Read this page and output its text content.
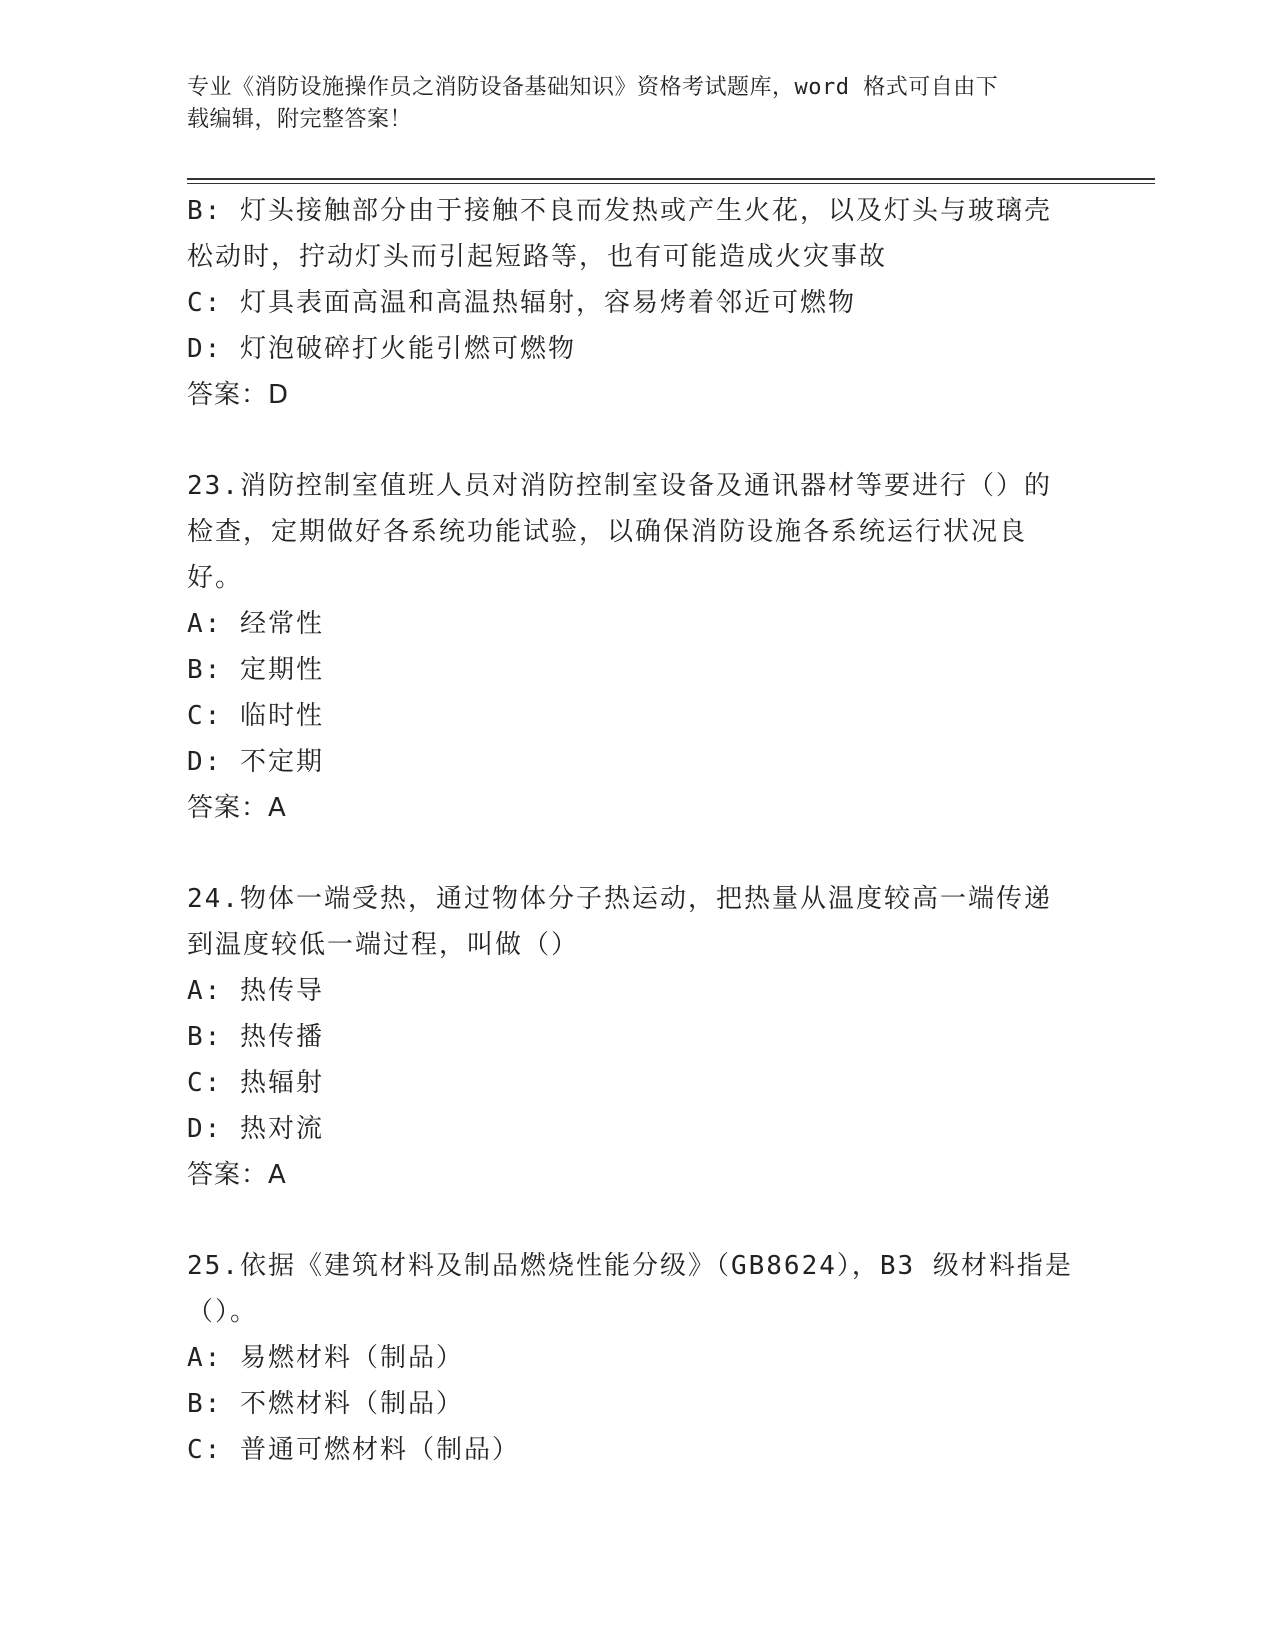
专业《消防设施操作员之消防设备基础知识》资格考试题库，word 格式可自由下
载编辑，附完整答案！
B: 灯头接触部分由于接触不良而发热或产生火花，以及灯头与玻璃壳
松动时，拧动灯头而引起短路等，也有可能造成火灾事故
C: 灯具表面高温和高温热辐射，容易烤着邻近可燃物
D: 灯泡破碎打火能引燃可燃物
答案：D
23.消防控制室值班人员对消防控制室设备及通讯器材等要进行（）的
检查，定期做好各系统功能试验，以确保消防设施各系统运行状况良
好。
A: 经常性
B: 定期性
C: 临时性
D: 不定期
答案：A
24.物体一端受热，通过物体分子热运动，把热量从温度较高一端传递
到温度较低一端过程，叫做（）
A: 热传导
B: 热传播
C: 热辐射
D: 热对流
答案：A
25.依据《建筑材料及制品燃烧性能分级》（GB8624），B3 级材料指是
（）。
A: 易燃材料（制品）
B: 不燃材料（制品）
C: 普通可燃材料（制品）
